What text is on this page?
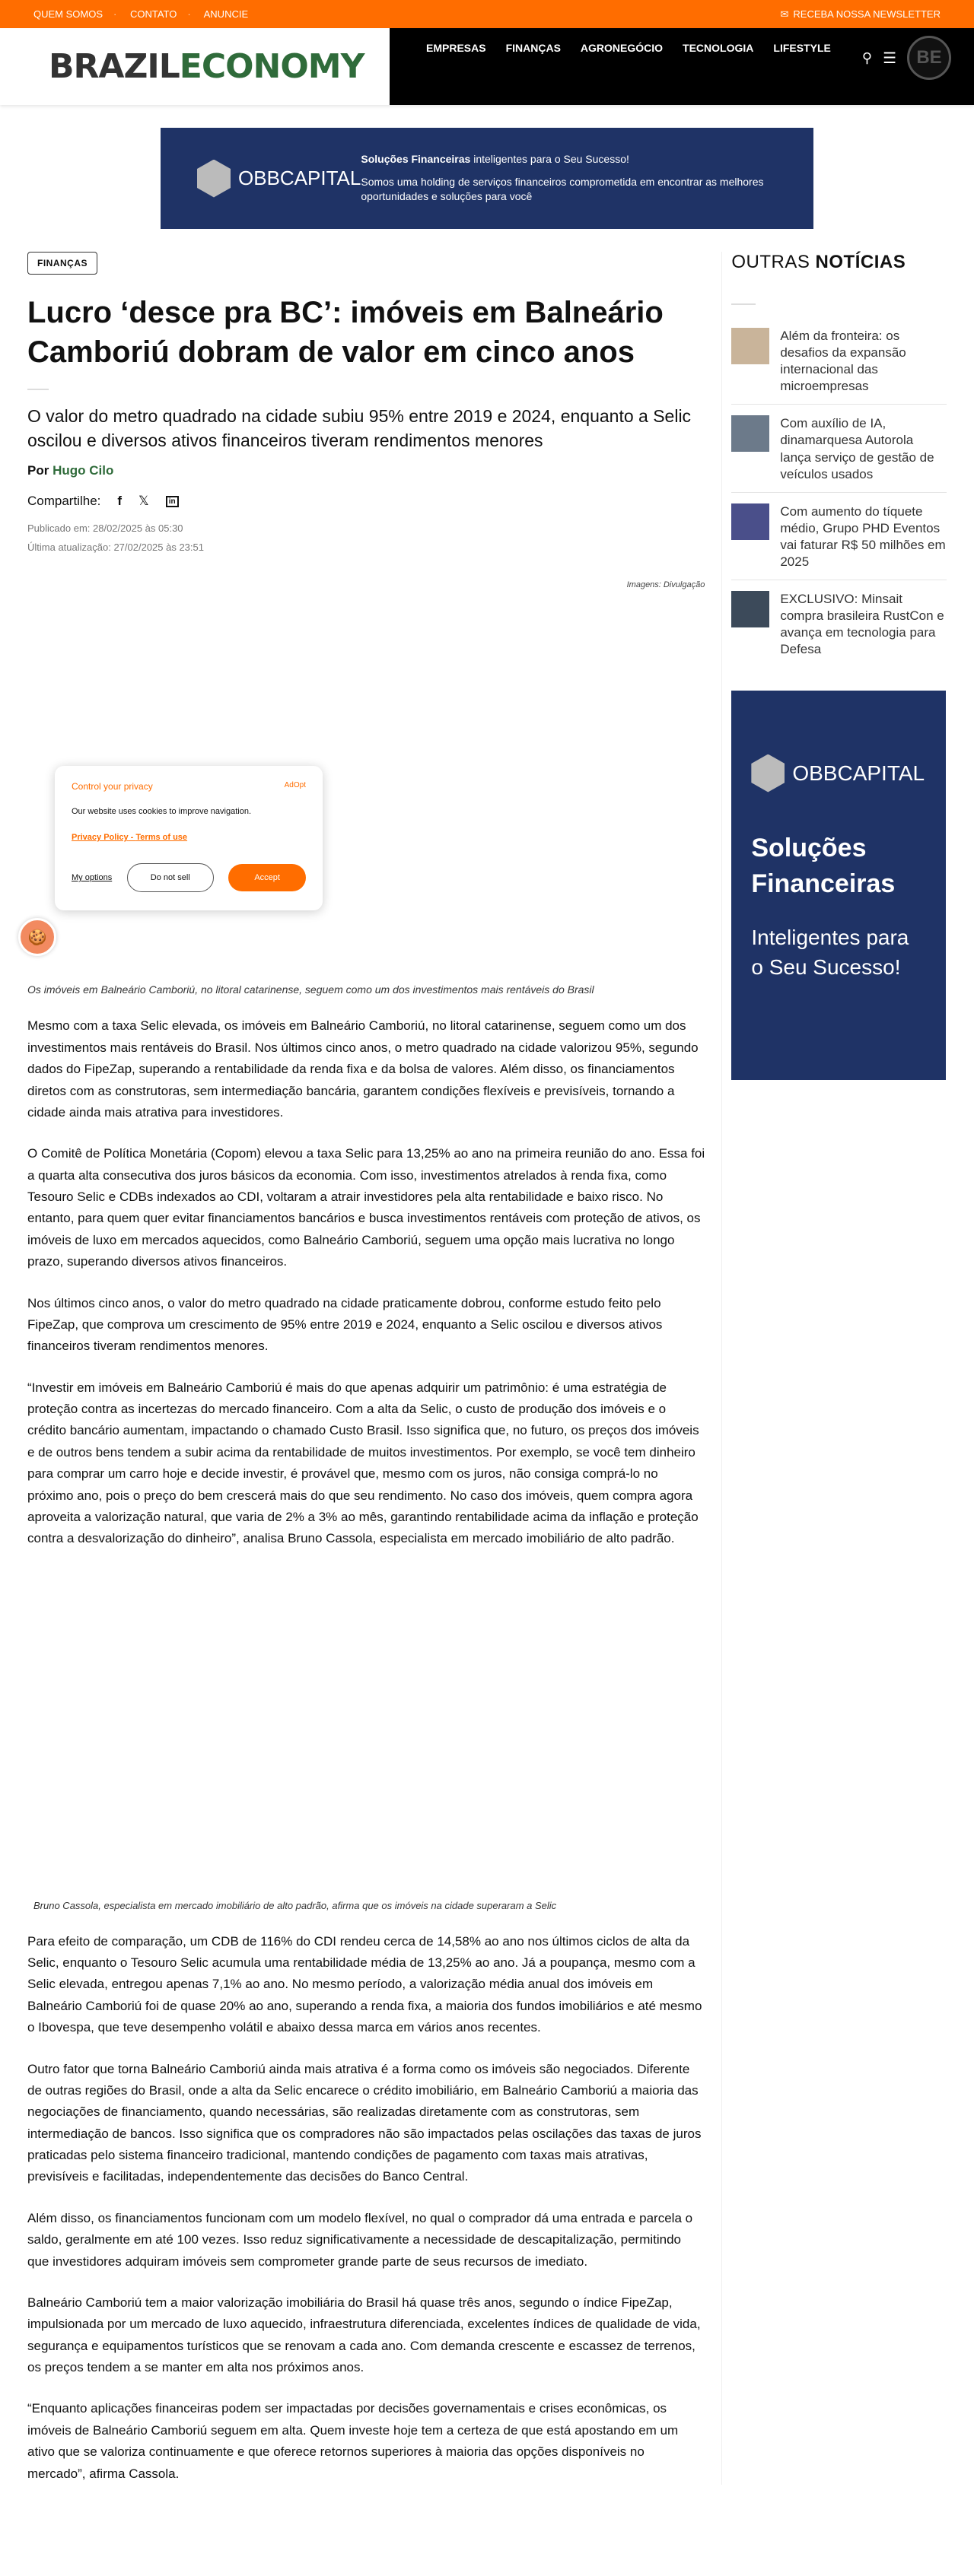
QUEM SOMOS · CONTATO · ANUNCIE	✉ RECEBA NOSSA NEWSLETTER
BRAZILECONOMY	EMPRESAS FINANÇAS AGRONEGÓCIO TECNOLOGIA LIFESTYLE
⚲ ☰	BE
OBBCAPITAL
Soluções Financeiras inteligentes para o Seu Sucesso!
Somos uma holding de serviços financeiros comprometida em encontrar as melhores oportunidades e soluções para você
FINANÇAS
Lucro ‘desce pra BC’: imóveis em Balneário Camboriú dobram de valor em cinco anos
O valor do metro quadrado na cidade subiu 95% entre 2019 e 2024, enquanto a Selic oscilou e diversos ativos financeiros tiveram rendimentos menores
Por Hugo Cilo
Compartilhe: f 𝕏	in
Publicado em: 28/02/2025 às 05:30
Última atualização: 27/02/2025 às 23:51
Imagens: Divulgação
Control your privacy	AdOpt
Our website uses cookies to improve navigation.
Privacy Policy - Terms of use
My options	Do not sell	Accept
🍪
Os imóveis em Balneário Camboriú, no litoral catarinense, seguem como um dos investimentos mais rentáveis do Brasil

Mesmo com a taxa Selic elevada, os imóveis em Balneário Camboriú, no litoral catarinense, seguem como um dos investimentos mais rentáveis do Brasil. Nos últimos cinco anos, o metro quadrado na cidade valorizou 95%, segundo dados do FipeZap, superando a rentabilidade da renda fixa e da bolsa de valores. Além disso, os financiamentos diretos com as construtoras, sem intermediação bancária, garantem condições flexíveis e previsíveis, tornando a cidade ainda mais atrativa para investidores.

O Comitê de Política Monetária (Copom) elevou a taxa Selic para 13,25% ao ano na primeira reunião do ano. Essa foi a quarta alta consecutiva dos juros básicos da economia. Com isso, investimentos atrelados à renda fixa, como Tesouro Selic e CDBs indexados ao CDI, voltaram a atrair investidores pela alta rentabilidade e baixo risco. No entanto, para quem quer evitar financiamentos bancários e busca investimentos rentáveis com proteção de ativos, os imóveis de luxo em mercados aquecidos, como Balneário Camboriú, seguem uma opção mais lucrativa no longo prazo, superando diversos ativos financeiros.

Nos últimos cinco anos, o valor do metro quadrado na cidade praticamente dobrou, conforme estudo feito pelo FipeZap, que comprova um crescimento de 95% entre 2019 e 2024, enquanto a Selic oscilou e diversos ativos financeiros tiveram rendimentos menores.

“Investir em imóveis em Balneário Camboriú é mais do que apenas adquirir um patrimônio: é uma estratégia de proteção contra as incertezas do mercado financeiro. Com a alta da Selic, o custo de produção dos imóveis e o crédito bancário aumentam, impactando o chamado Custo Brasil. Isso significa que, no futuro, os preços dos imóveis e de outros bens tendem a subir acima da rentabilidade de muitos investimentos. Por exemplo, se você tem dinheiro para comprar um carro hoje e decide investir, é provável que, mesmo com os juros, não consiga comprá-lo no próximo ano, pois o preço do bem crescerá mais do que seu rendimento. No caso dos imóveis, quem compra agora aproveita a valorização natural, que varia de 2% a 3% ao mês, garantindo rentabilidade acima da inflação e proteção contra a desvalorização do dinheiro”, analisa Bruno Cassola, especialista em mercado imobiliário de alto padrão.

Bruno Cassola, especialista em mercado imobiliário de alto padrão, afirma que os imóveis na cidade superaram a Selic

Para efeito de comparação, um CDB de 116% do CDI rendeu cerca de 14,58% ao ano nos últimos ciclos de alta da Selic, enquanto o Tesouro Selic acumula uma rentabilidade média de 13,25% ao ano. Já a poupança, mesmo com a Selic elevada, entregou apenas 7,1% ao ano. No mesmo período, a valorização média anual dos imóveis em Balneário Camboriú foi de quase 20% ao ano, superando a renda fixa, a maioria dos fundos imobiliários e até mesmo o Ibovespa, que teve desempenho volátil e abaixo dessa marca em vários anos recentes.

Outro fator que torna Balneário Camboriú ainda mais atrativa é a forma como os imóveis são negociados. Diferente de outras regiões do Brasil, onde a alta da Selic encarece o crédito imobiliário, em Balneário Camboriú a maioria das negociações de financiamento, quando necessárias, são realizadas diretamente com as construtoras, sem intermediação de bancos. Isso significa que os compradores não são impactados pelas oscilações das taxas de juros praticadas pelo sistema financeiro tradicional, mantendo condições de pagamento com taxas mais atrativas, previsíveis e facilitadas, independentemente das decisões do Banco Central.

Além disso, os financiamentos funcionam com um modelo flexível, no qual o comprador dá uma entrada e parcela o saldo, geralmente em até 100 vezes. Isso reduz significativamente a necessidade de descapitalização, permitindo que investidores adquiram imóveis sem comprometer grande parte de seus recursos de imediato.

Balneário Camboriú tem a maior valorização imobiliária do Brasil há quase três anos, segundo o índice FipeZap, impulsionada por um mercado de luxo aquecido, infraestrutura diferenciada, excelentes índices de qualidade de vida, segurança e equipamentos turísticos que se renovam a cada ano. Com demanda crescente e escassez de terrenos, os preços tendem a se manter em alta nos próximos anos.

“Enquanto aplicações financeiras podem ser impactadas por decisões governamentais e crises econômicas, os imóveis de Balneário Camboriú seguem em alta. Quem investe hoje tem a certeza de que está apostando em um ativo que se valoriza continuamente e que oferece retornos superiores à maioria das opções disponíveis no mercado”, afirma Cassola.

OUTRAS NOTÍCIAS
Além da fronteira: os desafios da expansão internacional das microempresas
Com auxílio de IA, dinamarquesa Autorola lança serviço de gestão de veículos usados
Com aumento do tíquete médio, Grupo PHD Eventos vai faturar R$ 50 milhões em 2025
EXCLUSIVO: Minsait compra brasileira RustCon e avança em tecnologia para Defesa
OBBCAPITAL
Soluções Financeiras
Inteligentes para o Seu Sucesso!
